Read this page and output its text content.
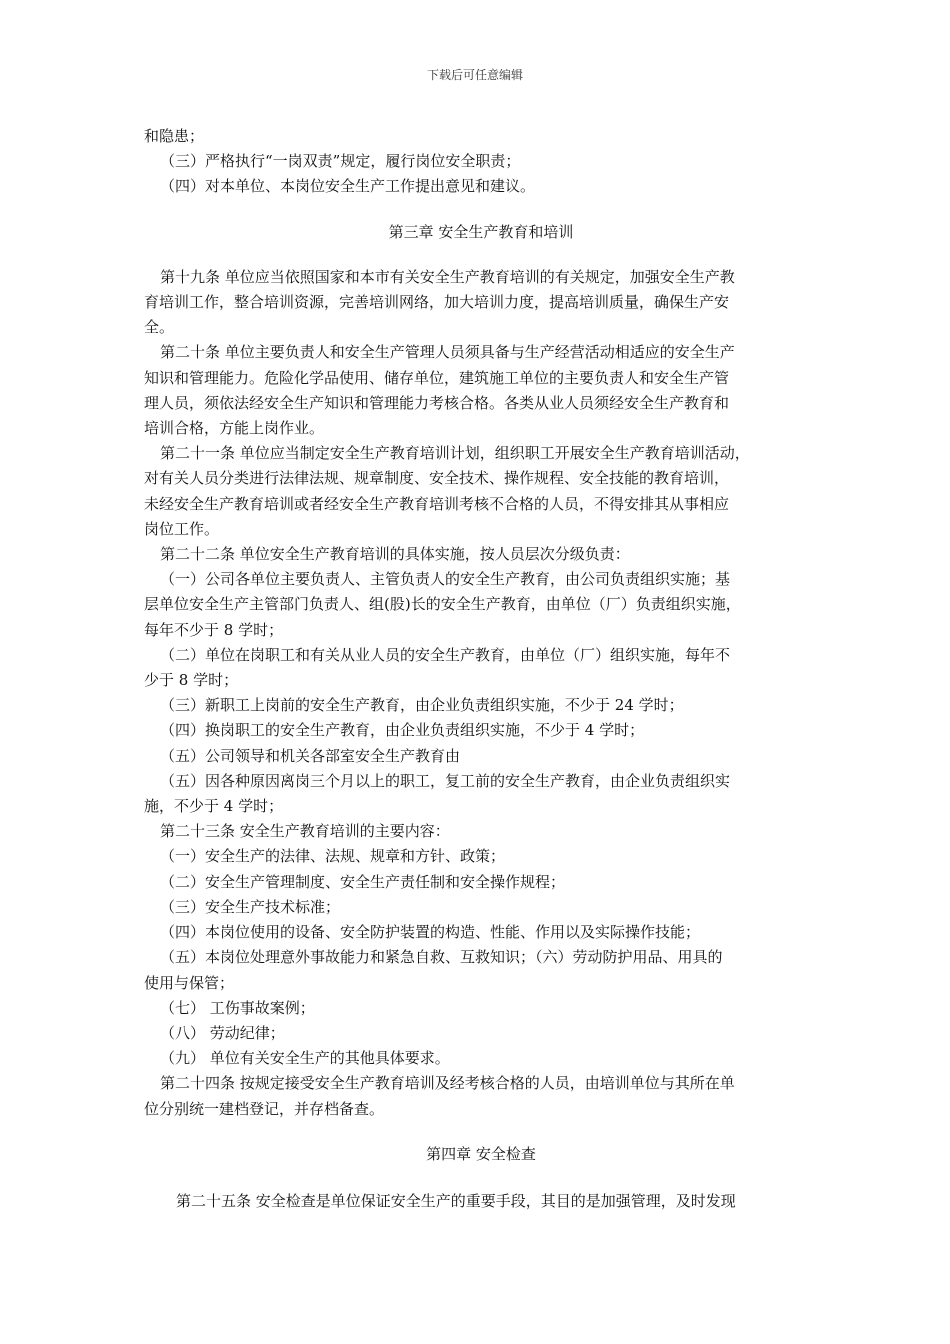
下载后可任意编辑
和隐患；
（三）严格执行“一岗双责”规定，履行岗位安全职责；
（四）对本单位、本岗位安全生产工作提出意见和建议。
第三章 安全生产教育和培训
第十九条 单位应当依照国家和本市有关安全生产教育培训的有关规定，加强安全生产教
育培训工作，整合培训资源，完善培训网络，加大培训力度，提高培训质量，确保生产安
全。
第二十条 单位主要负责人和安全生产管理人员须具备与生产经营活动相适应的安全生产
知识和管理能力。危险化学品使用、储存单位，建筑施工单位的主要负责人和安全生产管
理人员，须依法经安全生产知识和管理能力考核合格。各类从业人员须经安全生产教育和
培训合格，方能上岗作业。
第二十一条 单位应当制定安全生产教育培训计划，组织职工开展安全生产教育培训活动，
对有关人员分类进行法律法规、规章制度、安全技术、操作规程、安全技能的教育培训，
未经安全生产教育培训或者经安全生产教育培训考核不合格的人员，不得安排其从事相应
岗位工作。
第二十二条 单位安全生产教育培训的具体实施，按人员层次分级负责：
（一）公司各单位主要负责人、主管负责人的安全生产教育，由公司负责组织实施；基
层单位安全生产主管部门负责人、组(股)长的安全生产教育，由单位（厂）负责组织实施，
每年不少于 8 学时；
（二）单位在岗职工和有关从业人员的安全生产教育，由单位（厂）组织实施，每年不
少于 8 学时；
（三）新职工上岗前的安全生产教育，由企业负责组织实施，不少于 24 学时；
（四）换岗职工的安全生产教育，由企业负责组织实施，不少于 4 学时；
（五）公司领导和机关各部室安全生产教育由
（五）因各种原因离岗三个月以上的职工，复工前的安全生产教育，由企业负责组织实
施，不少于 4 学时；
第二十三条 安全生产教育培训的主要内容：
（一）安全生产的法律、法规、规章和方针、政策；
（二）安全生产管理制度、安全生产责任制和安全操作规程；
（三）安全生产技术标准；
（四）本岗位使用的设备、安全防护装置的构造、性能、作用以及实际操作技能；
（五）本岗位处理意外事故能力和紧急自救、互救知识；（六）劳动防护用品、用具的
使用与保管；
（七） 工伤事故案例；
（八） 劳动纪律；
（九） 单位有关安全生产的其他具体要求。
第二十四条 按规定接受安全生产教育培训及经考核合格的人员，由培训单位与其所在单
位分别统一建档登记，并存档备查。
第四章 安全检查
第二十五条 安全检查是单位保证安全生产的重要手段，其目的是加强管理，及时发现
